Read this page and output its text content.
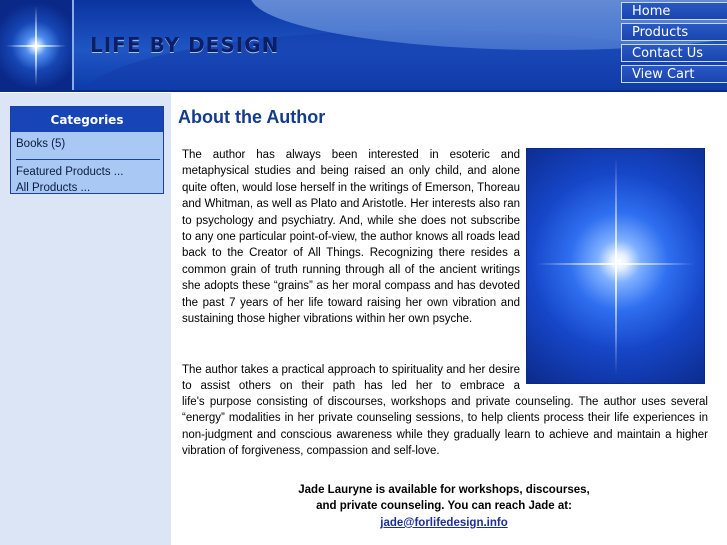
LIFE BY DESIGN
Home
Products
Contact Us
View Cart
Categories
Books (5)
Featured Products ...
All Products ...
About the Author
The author has always been interested in esoteric and metaphysical studies and being raised an only child, and alone quite often, would lose herself in the writings of Emerson, Thoreau and Whitman, as well as Plato and Aristotle. Her interests also ran to psychology and psychiatry. And, while she does not subscribe to any one particular point-of-view, the author knows all roads lead back to the Creator of All Things. Recognizing there resides a common grain of truth running through all of the ancient writings she adopts these “grains” as her moral compass and has devoted the past 7 years of her life toward raising her own vibration and sustaining those higher vibrations within her own psyche.
The author takes a practical approach to spirituality and her desire to assist others on their path has led her to embrace a
life's purpose consisting of discourses, workshops and private counseling. The author uses several “energy” modalities in her private counseling sessions, to help clients process their life experiences in non-judgment and conscious awareness while they gradually learn to achieve and maintain a higher vibration of forgiveness, compassion and self-love.
Jade Lauryne is available for workshops, discourses,
and private counseling. You can reach Jade at:
jade@forlifedesign.info
